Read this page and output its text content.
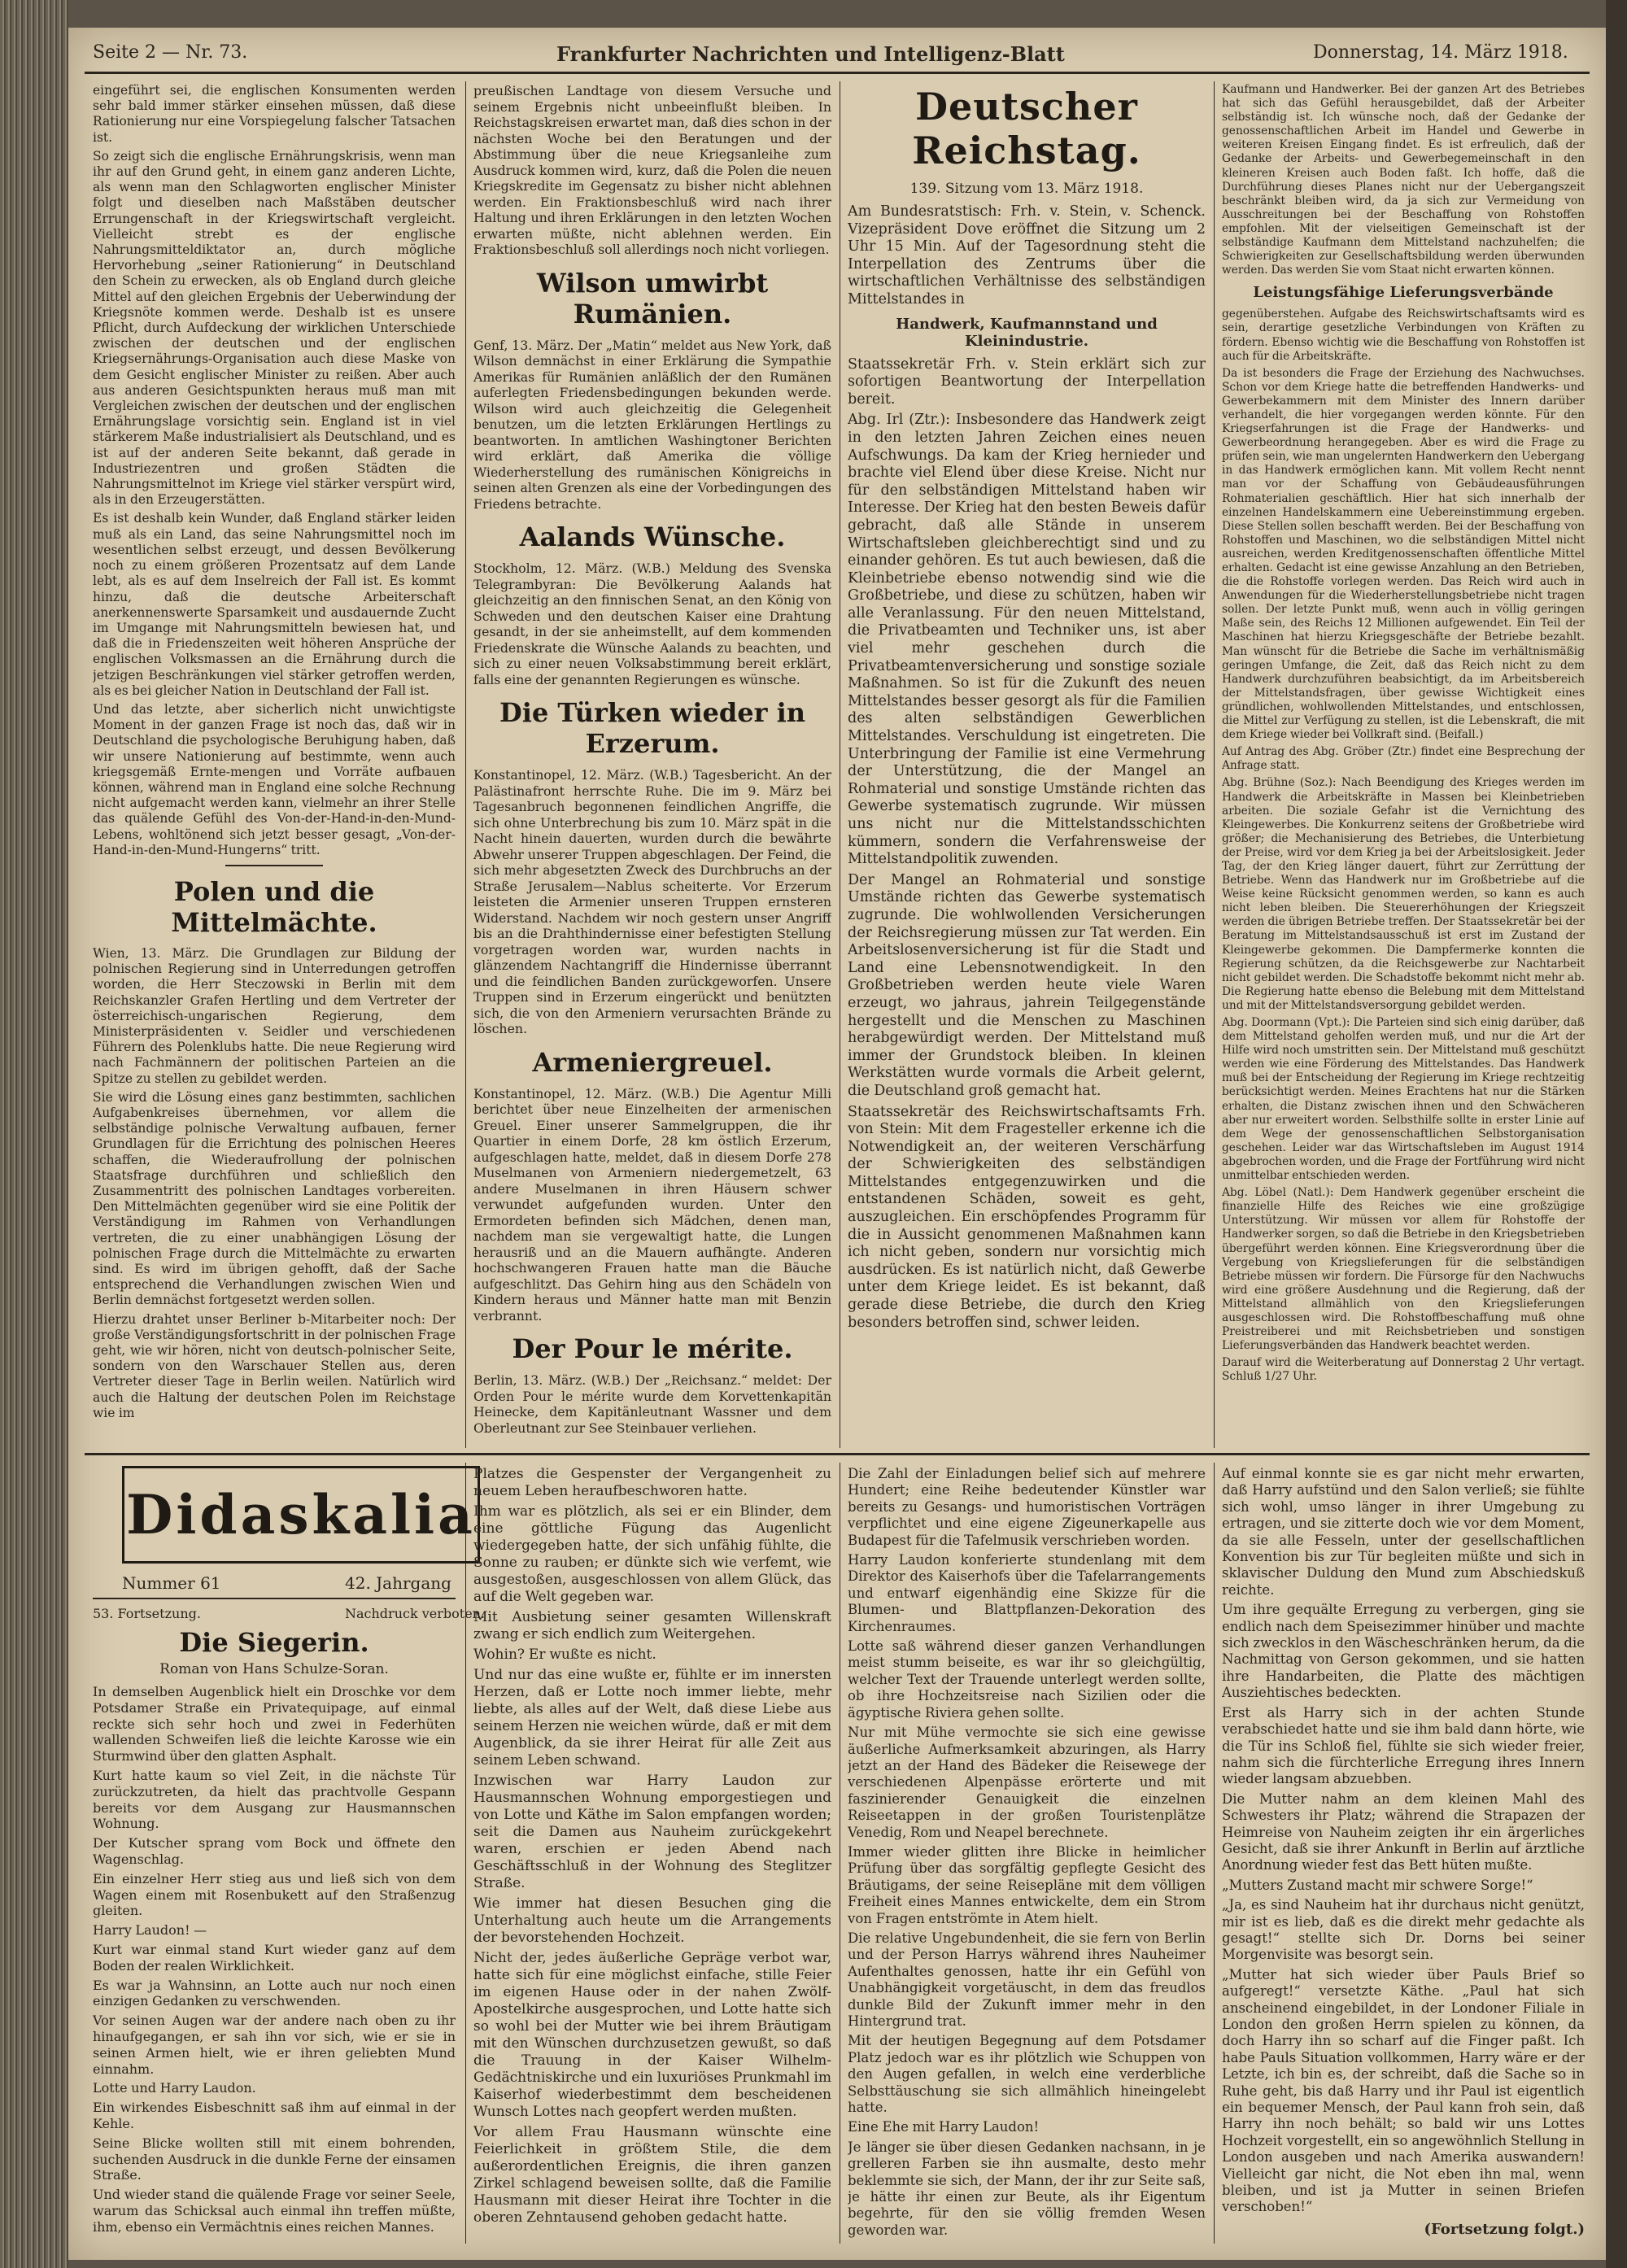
Seite 2 — Nr. 73.	Frankfurter Nachrichten und Intelligenz-Blatt	Donnerstag, 14. März 1918.

eingeführt sei, die englischen Konsumenten werden sehr bald immer stärker einsehen müssen, daß diese Rationierung nur eine Vorspiegelung falscher Tatsachen ist.

So zeigt sich die englische Ernährungskrisis, wenn man ihr auf den Grund geht, in einem ganz anderen Lichte, als wenn man den Schlagworten englischer Minister folgt und dieselben nach Maßstäben deutscher Errungenschaft in der Kriegswirtschaft vergleicht. Vielleicht strebt es der englische Nahrungsmitteldiktator an, durch mögliche Hervorhebung „seiner Rationierung“ in Deutschland den Schein zu erwecken, als ob England durch gleiche Mittel auf den gleichen Ergebnis der Ueberwindung der Kriegsnöte kommen werde. Deshalb ist es unsere Pflicht, durch Aufdeckung der wirklichen Unterschiede zwischen der deutschen und der englischen Kriegsernährungs-Organisation auch diese Maske von dem Gesicht englischer Minister zu reißen. Aber auch aus anderen Gesichtspunkten heraus muß man mit Vergleichen zwischen der deutschen und der englischen Ernährungslage vorsichtig sein. England ist in viel stärkerem Maße industrialisiert als Deutschland, und es ist auf der anderen Seite bekannt, daß gerade in Industriezentren und großen Städten die Nahrungsmittelnot im Kriege viel stärker verspürt wird, als in den Erzeugerstätten.

Es ist deshalb kein Wunder, daß England stärker leiden muß als ein Land, das seine Nahrungsmittel noch im wesentlichen selbst erzeugt, und dessen Bevölkerung noch zu einem größeren Prozentsatz auf dem Lande lebt, als es auf dem Inselreich der Fall ist. Es kommt hinzu, daß die deutsche Arbeiterschaft anerkennenswerte Sparsamkeit und ausdauernde Zucht im Umgange mit Nahrungsmitteln bewiesen hat, und daß die in Friedenszeiten weit höheren Ansprüche der englischen Volksmassen an die Ernährung durch die jetzigen Beschränkungen viel stärker getroffen werden, als es bei gleicher Nation in Deutschland der Fall ist.

Und das letzte, aber sicherlich nicht unwichtigste Moment in der ganzen Frage ist noch das, daß wir in Deutschland die psychologische Beruhigung haben, daß wir unsere Nationierung auf bestimmte, wenn auch kriegsgemäß Ernte-mengen und Vorräte aufbauen können, während man in England eine solche Rechnung nicht aufgemacht werden kann, vielmehr an ihrer Stelle das quälende Gefühl des Von-der-Hand-in-den-Mund-Lebens, wohltönend sich jetzt besser gesagt, „Von-der-Hand-in-den-Mund-Hungerns“ tritt.

Polen und die Mittelmächte.

Wien, 13. März. Die Grundlagen zur Bildung der polnischen Regierung sind in Unterredungen getroffen worden, die Herr Steczowski in Berlin mit dem Reichskanzler Grafen Hertling und dem Vertreter der österreichisch-ungarischen Regierung, dem Ministerpräsidenten v. Seidler und verschiedenen Führern des Polenklubs hatte. Die neue Regierung wird nach Fachmännern der politischen Parteien an die Spitze zu stellen zu gebildet werden.

Sie wird die Lösung eines ganz bestimmten, sachlichen Aufgabenkreises übernehmen, vor allem die selbständige polnische Verwaltung aufbauen, ferner Grundlagen für die Errichtung des polnischen Heeres schaffen, die Wiederaufrollung der polnischen Staatsfrage durchführen und schließlich den Zusammentritt des polnischen Landtages vorbereiten. Den Mittelmächten gegenüber wird sie eine Politik der Verständigung im Rahmen von Verhandlungen vertreten, die zu einer unabhängigen Lösung der polnischen Frage durch die Mittelmächte zu erwarten sind. Es wird im übrigen gehofft, daß der Sache entsprechend die Verhandlungen zwischen Wien und Berlin demnächst fortgesetzt werden sollen.

Hierzu drahtet unser Berliner b-Mitarbeiter noch: Der große Verständigungsfortschritt in der polnischen Frage geht, wie wir hören, nicht von deutsch-polnischer Seite, sondern von den Warschauer Stellen aus, deren Vertreter dieser Tage in Berlin weilen. Natürlich wird auch die Haltung der deutschen Polen im Reichstage wie im

preußischen Landtage von diesem Versuche und seinem Ergebnis nicht unbeeinflußt bleiben. In Reichstagskreisen erwartet man, daß dies schon in der nächsten Woche bei den Beratungen und der Abstimmung über die neue Kriegsanleihe zum Ausdruck kommen wird, kurz, daß die Polen die neuen Kriegskredite im Gegensatz zu bisher nicht ablehnen werden. Ein Fraktionsbeschluß wird nach ihrer Haltung und ihren Erklärungen in den letzten Wochen erwarten müßte, nicht ablehnen werden. Ein Fraktionsbeschluß soll allerdings noch nicht vorliegen.

Wilson umwirbt Rumänien.

Genf, 13. März. Der „Matin“ meldet aus New York, daß Wilson demnächst in einer Erklärung die Sympathie Amerikas für Rumänien anläßlich der den Rumänen auferlegten Friedensbedingungen bekunden werde. Wilson wird auch gleichzeitig die Gelegenheit benutzen, um die letzten Erklärungen Hertlings zu beantworten. In amtlichen Washingtoner Berichten wird erklärt, daß Amerika die völlige Wiederherstellung des rumänischen Königreichs in seinen alten Grenzen als eine der Vorbedingungen des Friedens betrachte.

Aalands Wünsche.

Stockholm, 12. März. (W.B.) Meldung des Svenska Telegrambyran: Die Bevölkerung Aalands hat gleichzeitig an den finnischen Senat, an den König von Schweden und den deutschen Kaiser eine Drahtung gesandt, in der sie anheimstellt, auf dem kommenden Friedenskrate die Wünsche Aalands zu beachten, und sich zu einer neuen Volksabstimmung bereit erklärt, falls eine der genannten Regierungen es wünsche.

Die Türken wieder in Erzerum.

Konstantinopel, 12. März. (W.B.) Tagesbericht. An der Palästinafront herrschte Ruhe. Die im 9. März bei Tagesanbruch begonnenen feindlichen Angriffe, die sich ohne Unterbrechung bis zum 10. März spät in die Nacht hinein dauerten, wurden durch die bewährte Abwehr unserer Truppen abgeschlagen. Der Feind, die sich mehr abgesetzten Zweck des Durchbruchs an der Straße Jerusalem—Nablus scheiterte. Vor Erzerum leisteten die Armenier unseren Truppen ernsteren Widerstand. Nachdem wir noch gestern unser Angriff bis an die Drahthindernisse einer befestigten Stellung vorgetragen worden war, wurden nachts in glänzendem Nachtangriff die Hindernisse überrannt und die feindlichen Banden zurückgeworfen. Unsere Truppen sind in Erzerum eingerückt und benützten sich, die von den Armeniern verursachten Brände zu löschen.

Armeniergreuel.

Konstantinopel, 12. März. (W.B.) Die Agentur Milli berichtet über neue Einzelheiten der armenischen Greuel. Einer unserer Sammelgruppen, die ihr Quartier in einem Dorfe, 28 km östlich Erzerum, aufgeschlagen hatte, meldet, daß in diesem Dorfe 278 Muselmanen von Armeniern niedergemetzelt, 63 andere Muselmanen in ihren Häusern schwer verwundet aufgefunden wurden. Unter den Ermordeten befinden sich Mädchen, denen man, nachdem man sie vergewaltigt hatte, die Lungen herausriß und an die Mauern aufhängte. Anderen hochschwangeren Frauen hatte man die Bäuche aufgeschlitzt. Das Gehirn hing aus den Schädeln von Kindern heraus und Männer hatte man mit Benzin verbrannt.

Der Pour le mérite.

Berlin, 13. März. (W.B.) Der „Reichsanz.“ meldet: Der Orden Pour le mérite wurde dem Korvettenkapitän Heinecke, dem Kapitänleutnant Wassner und dem Oberleutnant zur See Steinbauer verliehen.

Deutscher Reichstag.
139. Sitzung vom 13. März 1918.

Am Bundesratstisch: Frh. v. Stein, v. Schenck. Vizepräsident Dove eröffnet die Sitzung um 2 Uhr 15 Min. Auf der Tagesordnung steht die Interpellation des Zentrums über die wirtschaftlichen Verhältnisse des selbständigen Mittelstandes in

Handwerk, Kaufmannstand und Kleinindustrie.

Staatssekretär Frh. v. Stein erklärt sich zur sofortigen Beantwortung der Interpellation bereit.

Abg. Irl (Ztr.): Insbesondere das Handwerk zeigt in den letzten Jahren Zeichen eines neuen Aufschwungs. Da kam der Krieg hernieder und brachte viel Elend über diese Kreise. Nicht nur für den selbständigen Mittelstand haben wir Interesse. Der Krieg hat den besten Beweis dafür gebracht, daß alle Stände in unserem Wirtschaftsleben gleichberechtigt sind und zu einander gehören. Es tut auch bewiesen, daß die Kleinbetriebe ebenso notwendig sind wie die Großbetriebe, und diese zu schützen, haben wir alle Veranlassung. Für den neuen Mittelstand, die Privatbeamten und Techniker uns, ist aber viel mehr geschehen durch die Privatbeamtenversicherung und sonstige soziale Maßnahmen. So ist für die Zukunft des neuen Mittelstandes besser gesorgt als für die Familien des alten selbständigen Gewerblichen Mittelstandes. Verschuldung ist eingetreten. Die Unterbringung der Familie ist eine Vermehrung der Unterstützung, die der Mangel an Rohmaterial und sonstige Umstände richten das Gewerbe systematisch zugrunde. Wir müssen uns nicht nur die Mittelstandsschichten kümmern, sondern die Verfahrensweise der Mittelstandpolitik zuwenden.

Der Mangel an Rohmaterial und sonstige Umstände richten das Gewerbe systematisch zugrunde. Die wohlwollenden Versicherungen der Reichsregierung müssen zur Tat werden. Ein Arbeitslosenversicherung ist für die Stadt und Land eine Lebensnotwendigkeit. In den Großbetrieben werden heute viele Waren erzeugt, wo jahraus, jahrein Teilgegenstände hergestellt und die Menschen zu Maschinen herabgewürdigt werden. Der Mittelstand muß immer der Grundstock bleiben. In kleinen Werkstätten wurde vormals die Arbeit gelernt, die Deutschland groß gemacht hat.

Staatssekretär des Reichswirtschaftsamts Frh. von Stein: Mit dem Fragesteller erkenne ich die Notwendigkeit an, der weiteren Verschärfung der Schwierigkeiten des selbständigen Mittelstandes entgegenzuwirken und die entstandenen Schäden, soweit es geht, auszugleichen. Ein erschöpfendes Programm für die in Aussicht genommenen Maßnahmen kann ich nicht geben, sondern nur vorsichtig mich ausdrücken. Es ist natürlich nicht, daß Gewerbe unter dem Kriege leidet. Es ist bekannt, daß gerade diese Betriebe, die durch den Krieg besonders betroffen sind, schwer leiden.

Kaufmann und Handwerker. Bei der ganzen Art des Betriebes hat sich das Gefühl herausgebildet, daß der Arbeiter selbständig ist. Ich wünsche noch, daß der Gedanke der genossenschaftlichen Arbeit im Handel und Gewerbe in weiteren Kreisen Eingang findet. Es ist erfreulich, daß der Gedanke der Arbeits- und Gewerbegemeinschaft in den kleineren Kreisen auch Boden faßt. Ich hoffe, daß die Durchführung dieses Planes nicht nur der Uebergangszeit beschränkt bleiben wird, da ja sich zur Vermeidung von Ausschreitungen bei der Beschaffung von Rohstoffen empfohlen. Mit der vielseitigen Gemeinschaft ist der selbständige Kaufmann dem Mittelstand nachzuhelfen; die Schwierigkeiten zur Gesellschaftsbildung werden überwunden werden. Das werden Sie vom Staat nicht erwarten können.

Leistungsfähige Lieferungsverbände

gegenüberstehen. Aufgabe des Reichswirtschaftsamts wird es sein, derartige gesetzliche Verbindungen von Kräften zu fördern. Ebenso wichtig wie die Beschaffung von Rohstoffen ist auch für die Arbeitskräfte.

Da ist besonders die Frage der Erziehung des Nachwuchses. Schon vor dem Kriege hatte die betreffenden Handwerks- und Gewerbekammern mit dem Minister des Innern darüber verhandelt, die hier vorgegangen werden könnte. Für den Kriegserfahrungen ist die Frage der Handwerks- und Gewerbeordnung herangegeben. Aber es wird die Frage zu prüfen sein, wie man ungelernten Handwerkern den Uebergang in das Handwerk ermöglichen kann. Mit vollem Recht nennt man vor der Schaffung von Gebäudeausführungen Rohmaterialien geschäftlich. Hier hat sich innerhalb der einzelnen Handelskammern eine Uebereinstimmung ergeben. Diese Stellen sollen beschafft werden. Bei der Beschaffung von Rohstoffen und Maschinen, wo die selbständigen Mittel nicht ausreichen, werden Kreditgenossenschaften öffentliche Mittel erhalten. Gedacht ist eine gewisse Anzahlung an den Betrieben, die die Rohstoffe vorlegen werden. Das Reich wird auch in Anwendungen für die Wiederherstellungsbetriebe nicht tragen sollen. Der letzte Punkt muß, wenn auch in völlig geringen Maße sein, des Reichs 12 Millionen aufgewendet. Ein Teil der Maschinen hat hierzu Kriegsgeschäfte der Betriebe bezahlt. Man wünscht für die Betriebe die Sache im verhältnismäßig geringen Umfange, die Zeit, daß das Reich nicht zu dem Handwerk durchzuführen beabsichtigt, da im Arbeitsbereich der Mittelstandsfragen, über gewisse Wichtigkeit eines gründlichen, wohlwollenden Mittelstandes, und entschlossen, die Mittel zur Verfügung zu stellen, ist die Lebenskraft, die mit dem Kriege wieder bei Vollkraft sind. (Beifall.)

Auf Antrag des Abg. Gröber (Ztr.) findet eine Besprechung der Anfrage statt.

Abg. Brühne (Soz.): Nach Beendigung des Krieges werden im Handwerk die Arbeitskräfte in Massen bei Kleinbetrieben arbeiten. Die soziale Gefahr ist die Vernichtung des Kleingewerbes. Die Konkurrenz seitens der Großbetriebe wird größer; die Mechanisierung des Betriebes, die Unterbietung der Preise, wird vor dem Krieg ja bei der Arbeitslosigkeit. Jeder Tag, der den Krieg länger dauert, führt zur Zerrüttung der Betriebe. Wenn das Handwerk nur im Großbetriebe auf die Weise keine Rücksicht genommen werden, so kann es auch nicht leben bleiben. Die Steuererhöhungen der Kriegszeit werden die übrigen Betriebe treffen. Der Staatssekretär bei der Beratung im Mittelstandsausschuß ist erst im Zustand der Kleingewerbe gekommen. Die Dampfermerke konnten die Regierung schützen, da die Reichsgewerbe zur Nachtarbeit nicht gebildet werden. Die Schadstoffe bekommt nicht mehr ab. Die Regierung hatte ebenso die Belebung mit dem Mittelstand und mit der Mittelstandsversorgung gebildet werden.

Abg. Doormann (Vpt.): Die Parteien sind sich einig darüber, daß dem Mittelstand geholfen werden muß, und nur die Art der Hilfe wird noch umstritten sein. Der Mittelstand muß geschützt werden wie eine Förderung des Mittelstandes. Das Handwerk muß bei der Entscheidung der Regierung im Kriege rechtzeitig berücksichtigt werden. Meines Erachtens hat nur die Stärken erhalten, die Distanz zwischen ihnen und den Schwächeren aber nur erweitert worden. Selbsthilfe sollte in erster Linie auf dem Wege der genossenschaftlichen Selbstorganisation geschehen. Leider war das Wirtschaftsleben im August 1914 abgebrochen worden, und die Frage der Fortführung wird nicht unmittelbar entschieden werden.

Abg. Löbel (Natl.): Dem Handwerk gegenüber erscheint die finanzielle Hilfe des Reiches wie eine großzügige Unterstützung. Wir müssen vor allem für Rohstoffe der Handwerker sorgen, so daß die Betriebe in den Kriegsbetrieben übergeführt werden können. Eine Kriegsverordnung über die Vergebung von Kriegslieferungen für die selbständigen Betriebe müssen wir fordern. Die Fürsorge für den Nachwuchs wird eine größere Ausdehnung und die Regierung, daß der Mittelstand allmählich von den Kriegslieferungen ausgeschlossen wird. Die Rohstoffbeschaffung muß ohne Preistreiberei und mit Reichsbetrieben und sonstigen Lieferungsverbänden das Handwerk beachtet werden.

Darauf wird die Weiterberatung auf Donnerstag 2 Uhr vertagt. Schluß 1/27 Uhr.

Didaskalia
Nummer 61	42. Jahrgang
53. Fortsetzung.	Nachdruck verboten.
Die Siegerin.
Roman von Hans Schulze-Soran.

In demselben Augenblick hielt ein Droschke vor dem Potsdamer Straße ein Privatequipage, auf einmal reckte sich sehr hoch und zwei in Federhüten wallenden Schweifen ließ die leichte Karosse wie ein Sturmwind über den glatten Asphalt.

Kurt hatte kaum so viel Zeit, in die nächste Tür zurückzutreten, da hielt das prachtvolle Gespann bereits vor dem Ausgang zur Hausmannschen Wohnung.

Der Kutscher sprang vom Bock und öffnete den Wagenschlag.

Ein einzelner Herr stieg aus und ließ sich von dem Wagen einem mit Rosenbukett auf den Straßenzug gleiten.

Harry Laudon! —

Kurt war einmal stand Kurt wieder ganz auf dem Boden der realen Wirklichkeit.

Es war ja Wahnsinn, an Lotte auch nur noch einen einzigen Gedanken zu verschwenden.

Vor seinen Augen war der andere nach oben zu ihr hinaufgegangen, er sah ihn vor sich, wie er sie in seinen Armen hielt, wie er ihren geliebten Mund einnahm.

Lotte und Harry Laudon.

Ein wirkendes Eisbeschnitt saß ihm auf einmal in der Kehle.

Seine Blicke wollten still mit einem bohrenden, suchenden Ausdruck in die dunkle Ferne der einsamen Straße.

Und wieder stand die quälende Frage vor seiner Seele, warum das Schicksal auch einmal ihn treffen müßte, ihm, ebenso ein Vermächtnis eines reichen Mannes.

Platzes die Gespenster der Vergangenheit zu neuem Leben heraufbeschworen hatte.

Ihm war es plötzlich, als sei er ein Blinder, dem eine göttliche Fügung das Augenlicht wiedergegeben hatte, der sich unfähig fühlte, die Sonne zu rauben; er dünkte sich wie verfemt, wie ausgestoßen, ausgeschlossen von allem Glück, das auf die Welt gegeben war.

Mit Ausbietung seiner gesamten Willenskraft zwang er sich endlich zum Weitergehen.

Wohin? Er wußte es nicht.

Und nur das eine wußte er, fühlte er im innersten Herzen, daß er Lotte noch immer liebte, mehr liebte, als alles auf der Welt, daß diese Liebe aus seinem Herzen nie weichen würde, daß er mit dem Augenblick, da sie ihrer Heirat für alle Zeit aus seinem Leben schwand.

Inzwischen war Harry Laudon zur Hausmannschen Wohnung emporgestiegen und von Lotte und Käthe im Salon empfangen worden; seit die Damen aus Nauheim zurückgekehrt waren, erschien er jeden Abend nach Geschäftsschluß in der Wohnung des Steglitzer Straße.

Wie immer hat diesen Besuchen ging die Unterhaltung auch heute um die Arrangements der bevorstehenden Hochzeit.

Nicht der, jedes äußerliche Gepräge verbot war, hatte sich für eine möglichst einfache, stille Feier im eigenen Hause oder in der nahen Zwölf-Apostelkirche ausgesprochen, und Lotte hatte sich so wohl bei der Mutter wie bei ihrem Bräutigam mit den Wünschen durchzusetzen gewußt, so daß die Trauung in der Kaiser Wilhelm-Gedächtniskirche und ein luxuriöses Prunkmahl im Kaiserhof wiederbestimmt dem bescheidenen Wunsch Lottes nach geopfert werden mußten.

Vor allem Frau Hausmann wünschte eine Feierlichkeit in größtem Stile, die dem außerordentlichen Ereignis, die ihren ganzen Zirkel schlagend beweisen sollte, daß die Familie Hausmann mit dieser Heirat ihre Tochter in die oberen Zehntausend gehoben gedacht hatte.

Die Zahl der Einladungen belief sich auf mehrere Hundert; eine Reihe bedeutender Künstler war bereits zu Gesangs- und humoristischen Vorträgen verpflichtet und eine eigene Zigeunerkapelle aus Budapest für die Tafelmusik verschrieben worden.

Harry Laudon konferierte stundenlang mit dem Direktor des Kaiserhofs über die Tafelarrangements und entwarf eigenhändig eine Skizze für die Blumen- und Blattpflanzen-Dekoration des Kirchenraumes.

Lotte saß während dieser ganzen Verhandlungen meist stumm beiseite, es war ihr so gleichgültig, welcher Text der Trauende unterlegt werden sollte, ob ihre Hochzeitsreise nach Sizilien oder die ägyptische Riviera gehen sollte.

Nur mit Mühe vermochte sie sich eine gewisse äußerliche Aufmerksamkeit abzuringen, als Harry jetzt an der Hand des Bädeker die Reisewege der verschiedenen Alpenpässe erörterte und mit faszinierender Genauigkeit die einzelnen Reiseetappen in der großen Touristenplätze Venedig, Rom und Neapel berechnete.

Immer wieder glitten ihre Blicke in heimlicher Prüfung über das sorgfältig gepflegte Gesicht des Bräutigams, der seine Reisepläne mit dem völligen Freiheit eines Mannes entwickelte, dem ein Strom von Fragen entströmte in Atem hielt.

Die relative Ungebundenheit, die sie fern von Berlin und der Person Harrys während ihres Nauheimer Aufenthaltes genossen, hatte ihr ein Gefühl von Unabhängigkeit vorgetäuscht, in dem das freudlos dunkle Bild der Zukunft immer mehr in den Hintergrund trat.

Mit der heutigen Begegnung auf dem Potsdamer Platz jedoch war es ihr plötzlich wie Schuppen von den Augen gefallen, in welch eine verderbliche Selbsttäuschung sie sich allmählich hineingelebt hatte.

Eine Ehe mit Harry Laudon!

Je länger sie über diesen Gedanken nachsann, in je grelleren Farben sie ihn ausmalte, desto mehr beklemmte sie sich, der Mann, der ihr zur Seite saß, je hätte ihr einen zur Beute, als ihr Eigentum begehrte, für den sie völlig fremden Wesen geworden war.

Auf einmal konnte sie es gar nicht mehr erwarten, daß Harry aufstünd und den Salon verließ; sie fühlte sich wohl, umso länger in ihrer Umgebung zu ertragen, und sie zitterte doch wie vor dem Moment, da sie alle Fesseln, unter der gesellschaftlichen Konvention bis zur Tür begleiten müßte und sich in sklavischer Duldung den Mund zum Abschiedskuß reichte.

Um ihre gequälte Erregung zu verbergen, ging sie endlich nach dem Speisezimmer hinüber und machte sich zwecklos in den Wäscheschränken herum, da die Nachmittag von Gerson gekommen, und sie hatten ihre Handarbeiten, die Platte des mächtigen Ausziehtisches bedeckten.

Erst als Harry sich in der achten Stunde verabschiedet hatte und sie ihm bald dann hörte, wie die Tür ins Schloß fiel, fühlte sie sich wieder freier, nahm sich die fürchterliche Erregung ihres Innern wieder langsam abzuebben.

Die Mutter nahm an dem kleinen Mahl des Schwesters ihr Platz; während die Strapazen der Heimreise von Nauheim zeigten ihr ein ärgerliches Gesicht, daß sie ihrer Ankunft in Berlin auf ärztliche Anordnung wieder fest das Bett hüten mußte.

„Mutters Zustand macht mir schwere Sorge!“

„Ja, es sind Nauheim hat ihr durchaus nicht genützt, mir ist es lieb, daß es die direkt mehr gedachte als gesagt!“ stellte sich Dr. Dorns bei seiner Morgenvisite was besorgt sein.

„Mutter hat sich wieder über Pauls Brief so aufgeregt!“ versetzte Käthe. „Paul hat sich anscheinend eingebildet, in der Londoner Filiale in London den großen Herrn spielen zu können, da doch Harry ihn so scharf auf die Finger paßt. Ich habe Pauls Situation vollkommen, Harry wäre er der Letzte, ich bin es, der schreibt, daß die Sache so in Ruhe geht, bis daß Harry und ihr Paul ist eigentlich ein bequemer Mensch, der Paul kann froh sein, daß Harry ihn noch behält; so bald wir uns Lottes Hochzeit vorgestellt, ein so angewöhnlich Stellung in London ausgeben und nach Amerika auswandern! Vielleicht gar nicht, die Not eben ihn mal, wenn bleiben, und ist ja Mutter in seinen Briefen verschoben!“

(Fortsetzung folgt.)
